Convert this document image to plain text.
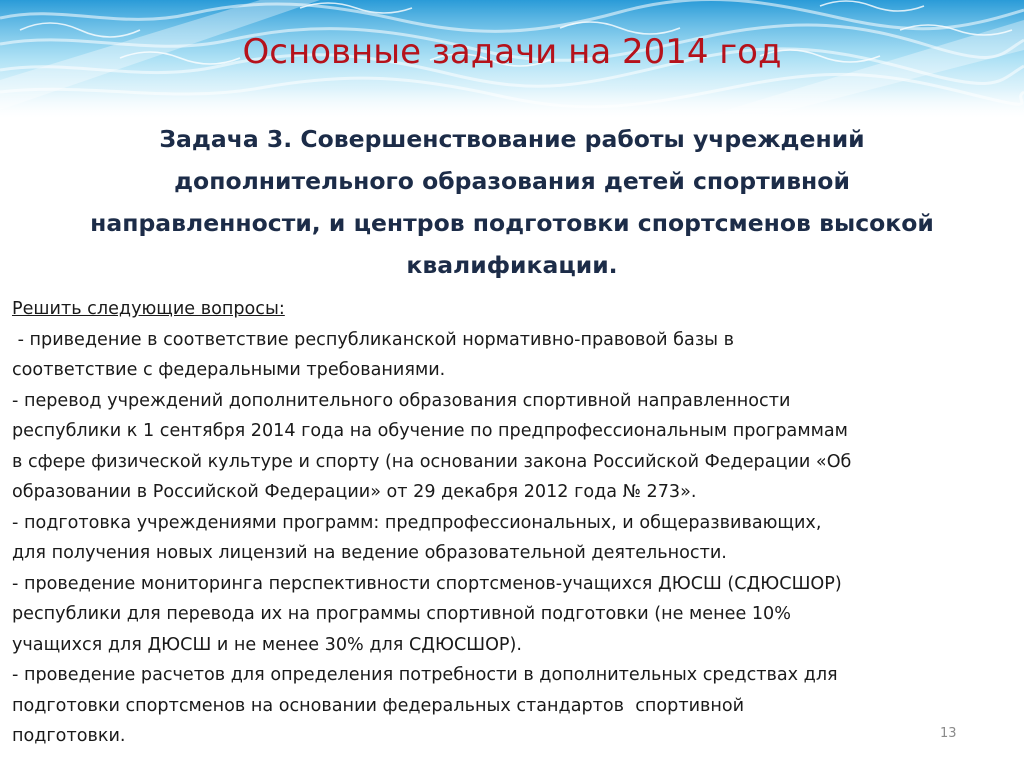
Основные задачи на 2014 год
Задача 3. Совершенствование работы учреждений
дополнительного образования детей спортивной
направленности, и центров подготовки спортсменов высокой
квалификации.
Решить следующие вопросы:
- приведение в соответствие республиканской нормативно-правовой базы в
соответствие с федеральными требованиями.
- перевод учреждений дополнительного образования спортивной направленности
республики к 1 сентября 2014 года на обучение по предпрофессиональным программам
в сфере физической культуре и спорту (на основании закона Российской Федерации «Об
образовании в Российской Федерации» от 29 декабря 2012 года № 273».
- подготовка учреждениями программ: предпрофессиональных, и общеразвивающих,
для получения новых лицензий на ведение образовательной деятельности.
- проведение мониторинга перспективности спортсменов-учащихся ДЮСШ (СДЮСШОР)
республики для перевода их на программы спортивной подготовки (не менее 10%
учащихся для ДЮСШ и не менее 30% для СДЮСШОР).
- проведение расчетов для определения потребности в дополнительных средствах для
подготовки спортсменов на основании федеральных стандартов  спортивной
подготовки.	13
